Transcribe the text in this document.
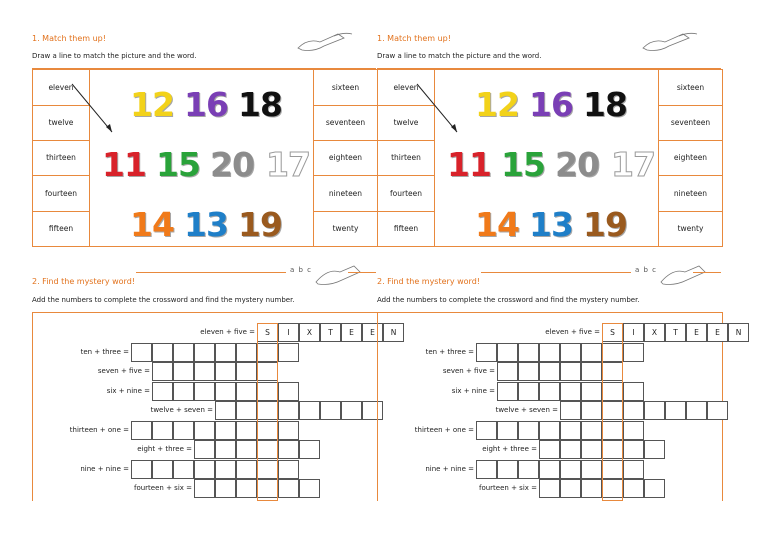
1. Match them up!
Draw a line to match the picture and the word.
eleven
twelve
thirteen
fourteen
fifteen
sixteen
seventeen
eighteen
nineteen
twenty
12 16 18
11 15 20 17
14 13 19
2. Find the mystery word!
a b c
Add the numbers to complete the crossword and find the mystery number.
eleven + five =	S	I	X	T	E	E	N
ten + three =
seven + five =
six + nine =
twelve + seven =
thirteen + one =
eight + three =
nine + nine =
fourteen + six =
1. Match them up!
Draw a line to match the picture and the word.
eleven
twelve
thirteen
fourteen
fifteen
sixteen
seventeen
eighteen
nineteen
twenty
12 16 18
11 15 20 17
14 13 19
2. Find the mystery word!
a b c
Add the numbers to complete the crossword and find the mystery number.
eleven + five =	S	I	X	T	E	E	N
ten + three =
seven + five =
six + nine =
twelve + seven =
thirteen + one =
eight + three =
nine + nine =
fourteen + six =
